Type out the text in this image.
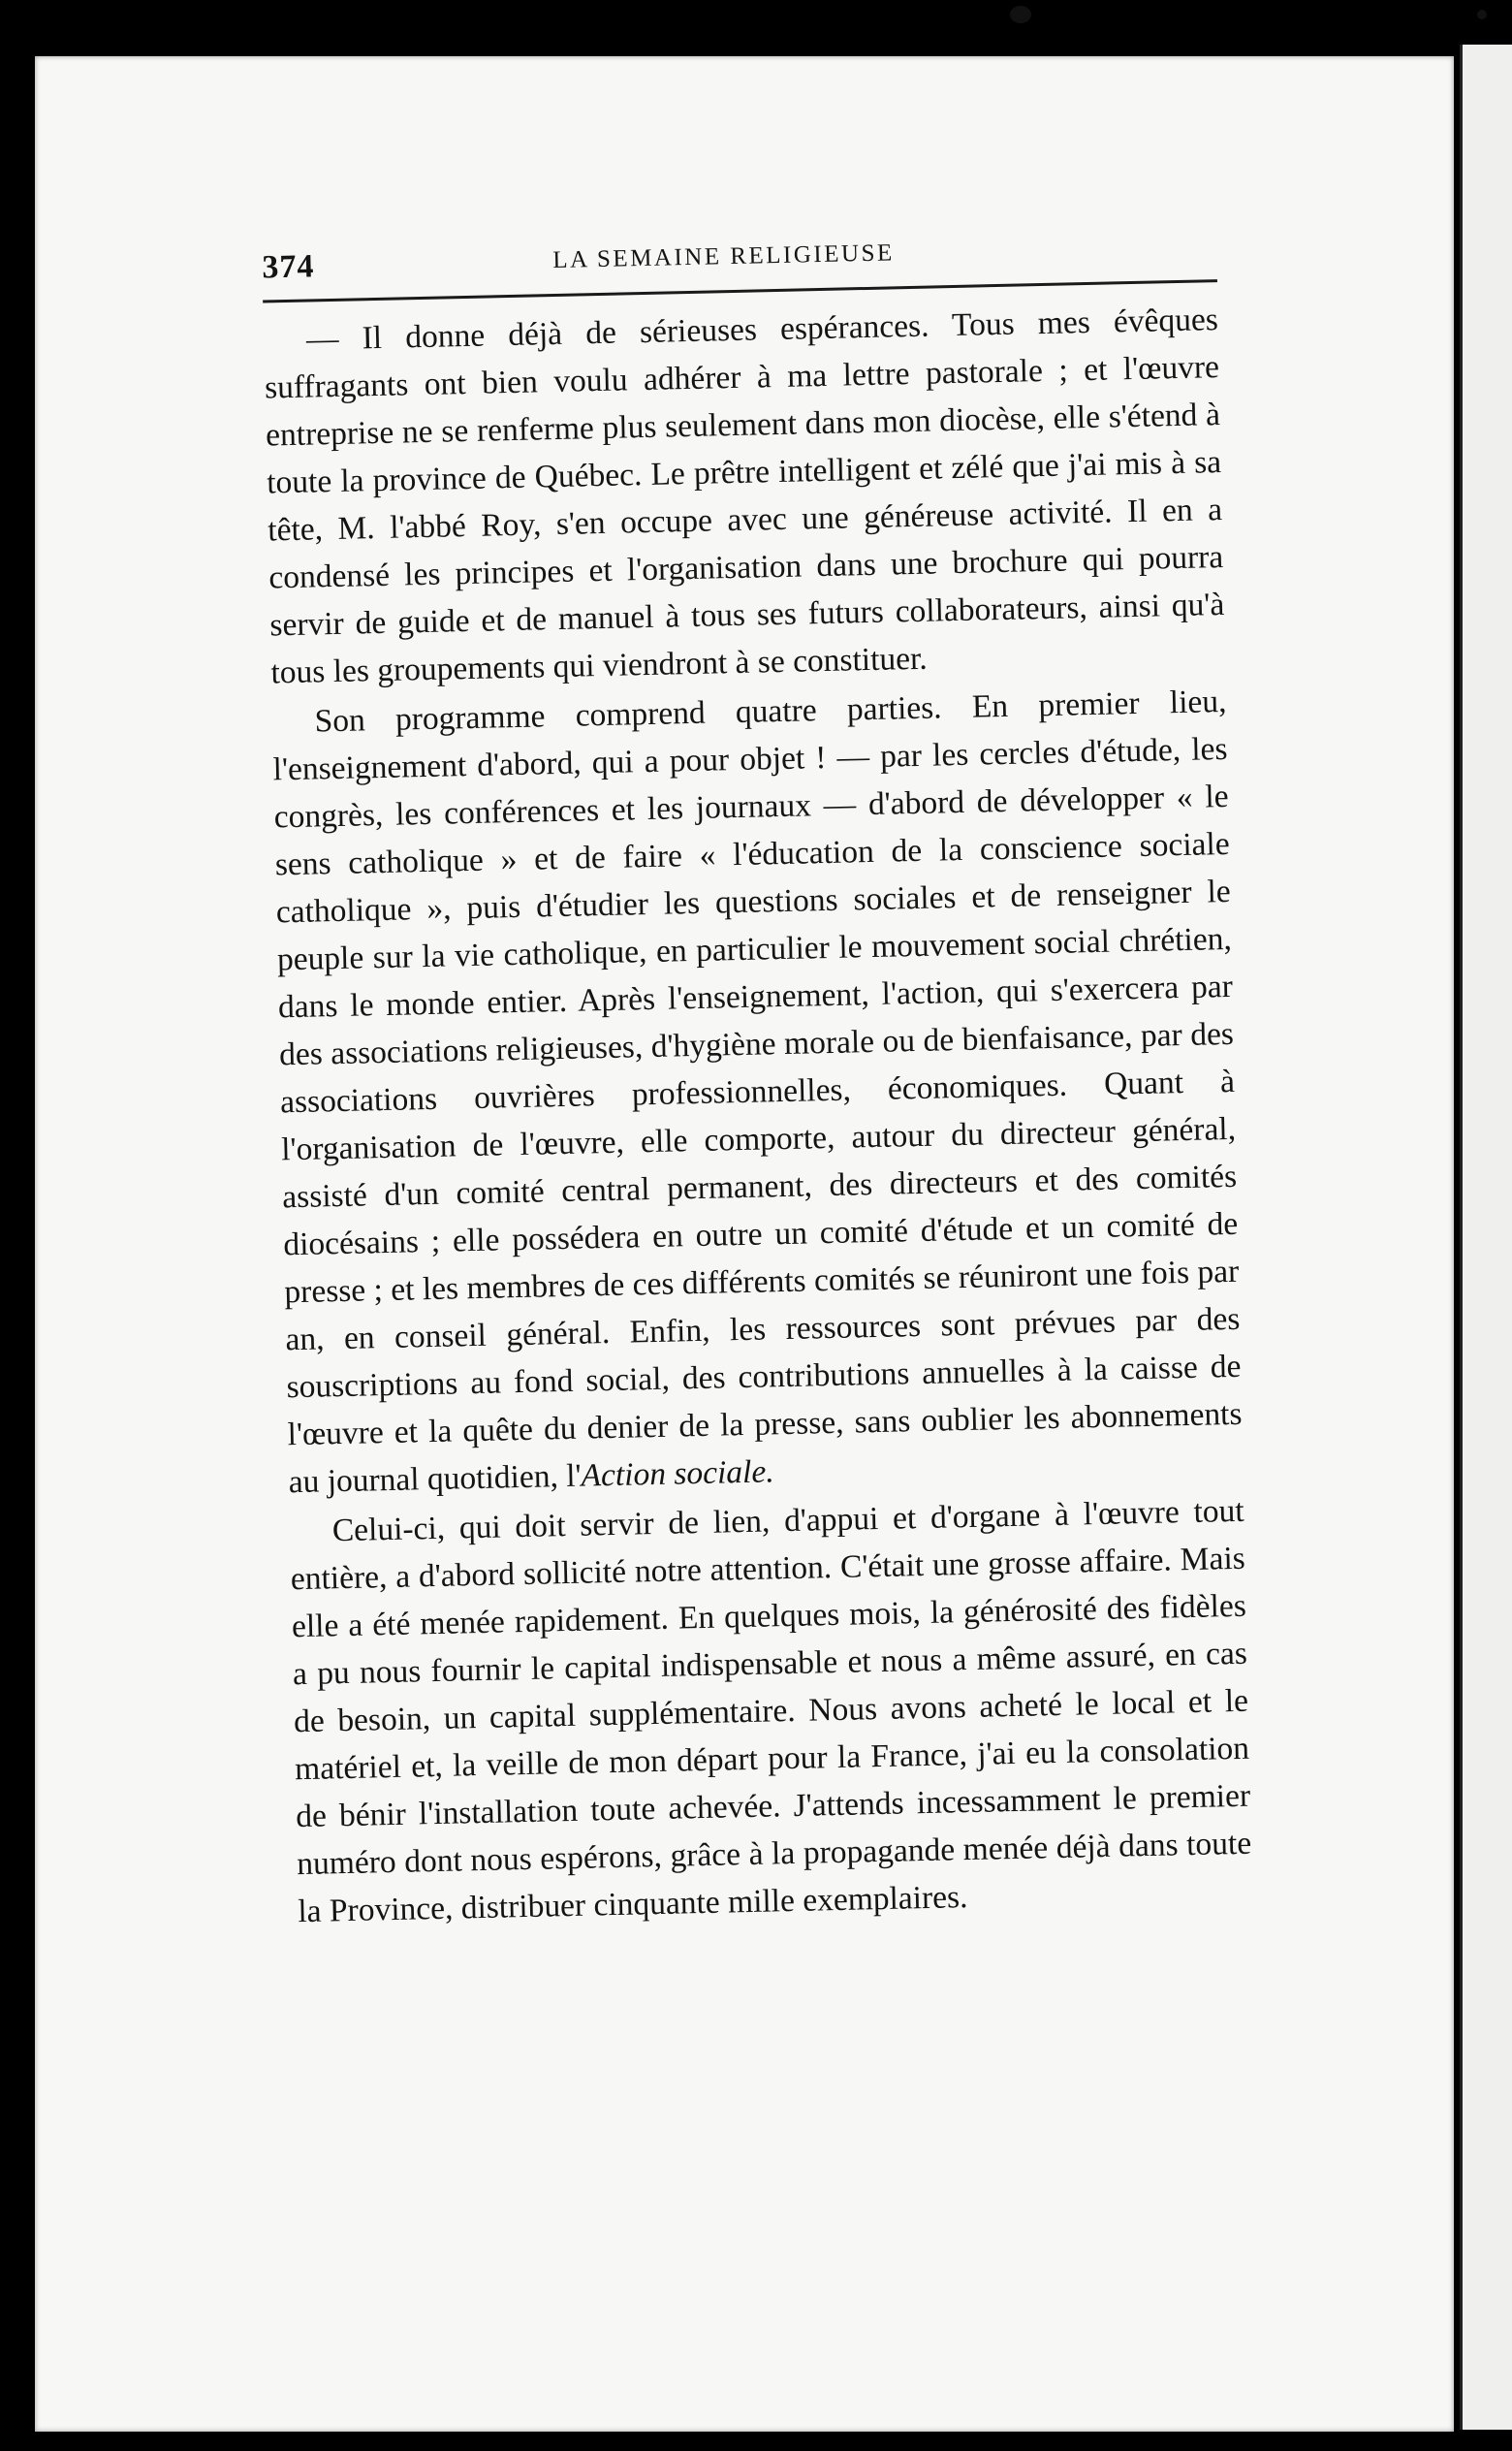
374	LA SEMAINE RELIGIEUSE

— Il donne déjà de sérieuses espérances. Tous mes évêques suffragants ont bien voulu adhérer à ma lettre pastorale ; et l'œuvre entreprise ne se renferme plus seulement dans mon diocèse, elle s'étend à toute la province de Québec. Le prêtre intelligent et zélé que j'ai mis à sa tête, M. l'abbé Roy, s'en occupe avec une généreuse activité. Il en a condensé les principes et l'organisation dans une brochure qui pourra servir de guide et de manuel à tous ses futurs collaborateurs, ainsi qu'à tous les groupements qui viendront à se constituer.

Son programme comprend quatre parties. En premier lieu, l'enseignement d'abord, qui a pour objet ! — par les cercles d'étude, les congrès, les conférences et les journaux — d'abord de développer « le sens catholique » et de faire « l'éducation de la conscience sociale catholique », puis d'étudier les questions sociales et de renseigner le peuple sur la vie catholique, en particulier le mouvement social chrétien, dans le monde entier. Après l'enseignement, l'action, qui s'exercera par des associations religieuses, d'hygiène morale ou de bienfaisance, par des associations ouvrières professionnelles, économiques. Quant à l'organisation de l'œuvre, elle comporte, autour du directeur général, assisté d'un comité central permanent, des directeurs et des comités diocésains ; elle possédera en outre un comité d'étude et un comité de presse ; et les membres de ces différents comités se réuniront une fois par an, en conseil général. Enfin, les ressources sont prévues par des souscriptions au fond social, des contributions annuelles à la caisse de l'œuvre et la quête du denier de la presse, sans oublier les abonnements au journal quotidien, l'Action sociale.

Celui-ci, qui doit servir de lien, d'appui et d'organe à l'œuvre tout entière, a d'abord sollicité notre attention. C'était une grosse affaire. Mais elle a été menée rapidement. En quelques mois, la générosité des fidèles a pu nous fournir le capital indispensable et nous a même assuré, en cas de besoin, un capital supplémentaire. Nous avons acheté le local et le matériel et, la veille de mon départ pour la France, j'ai eu la consolation de bénir l'installation toute achevée. J'attends incessamment le premier numéro dont nous espérons, grâce à la propagande menée déjà dans toute la Province, distribuer cinquante mille exemplaires.
